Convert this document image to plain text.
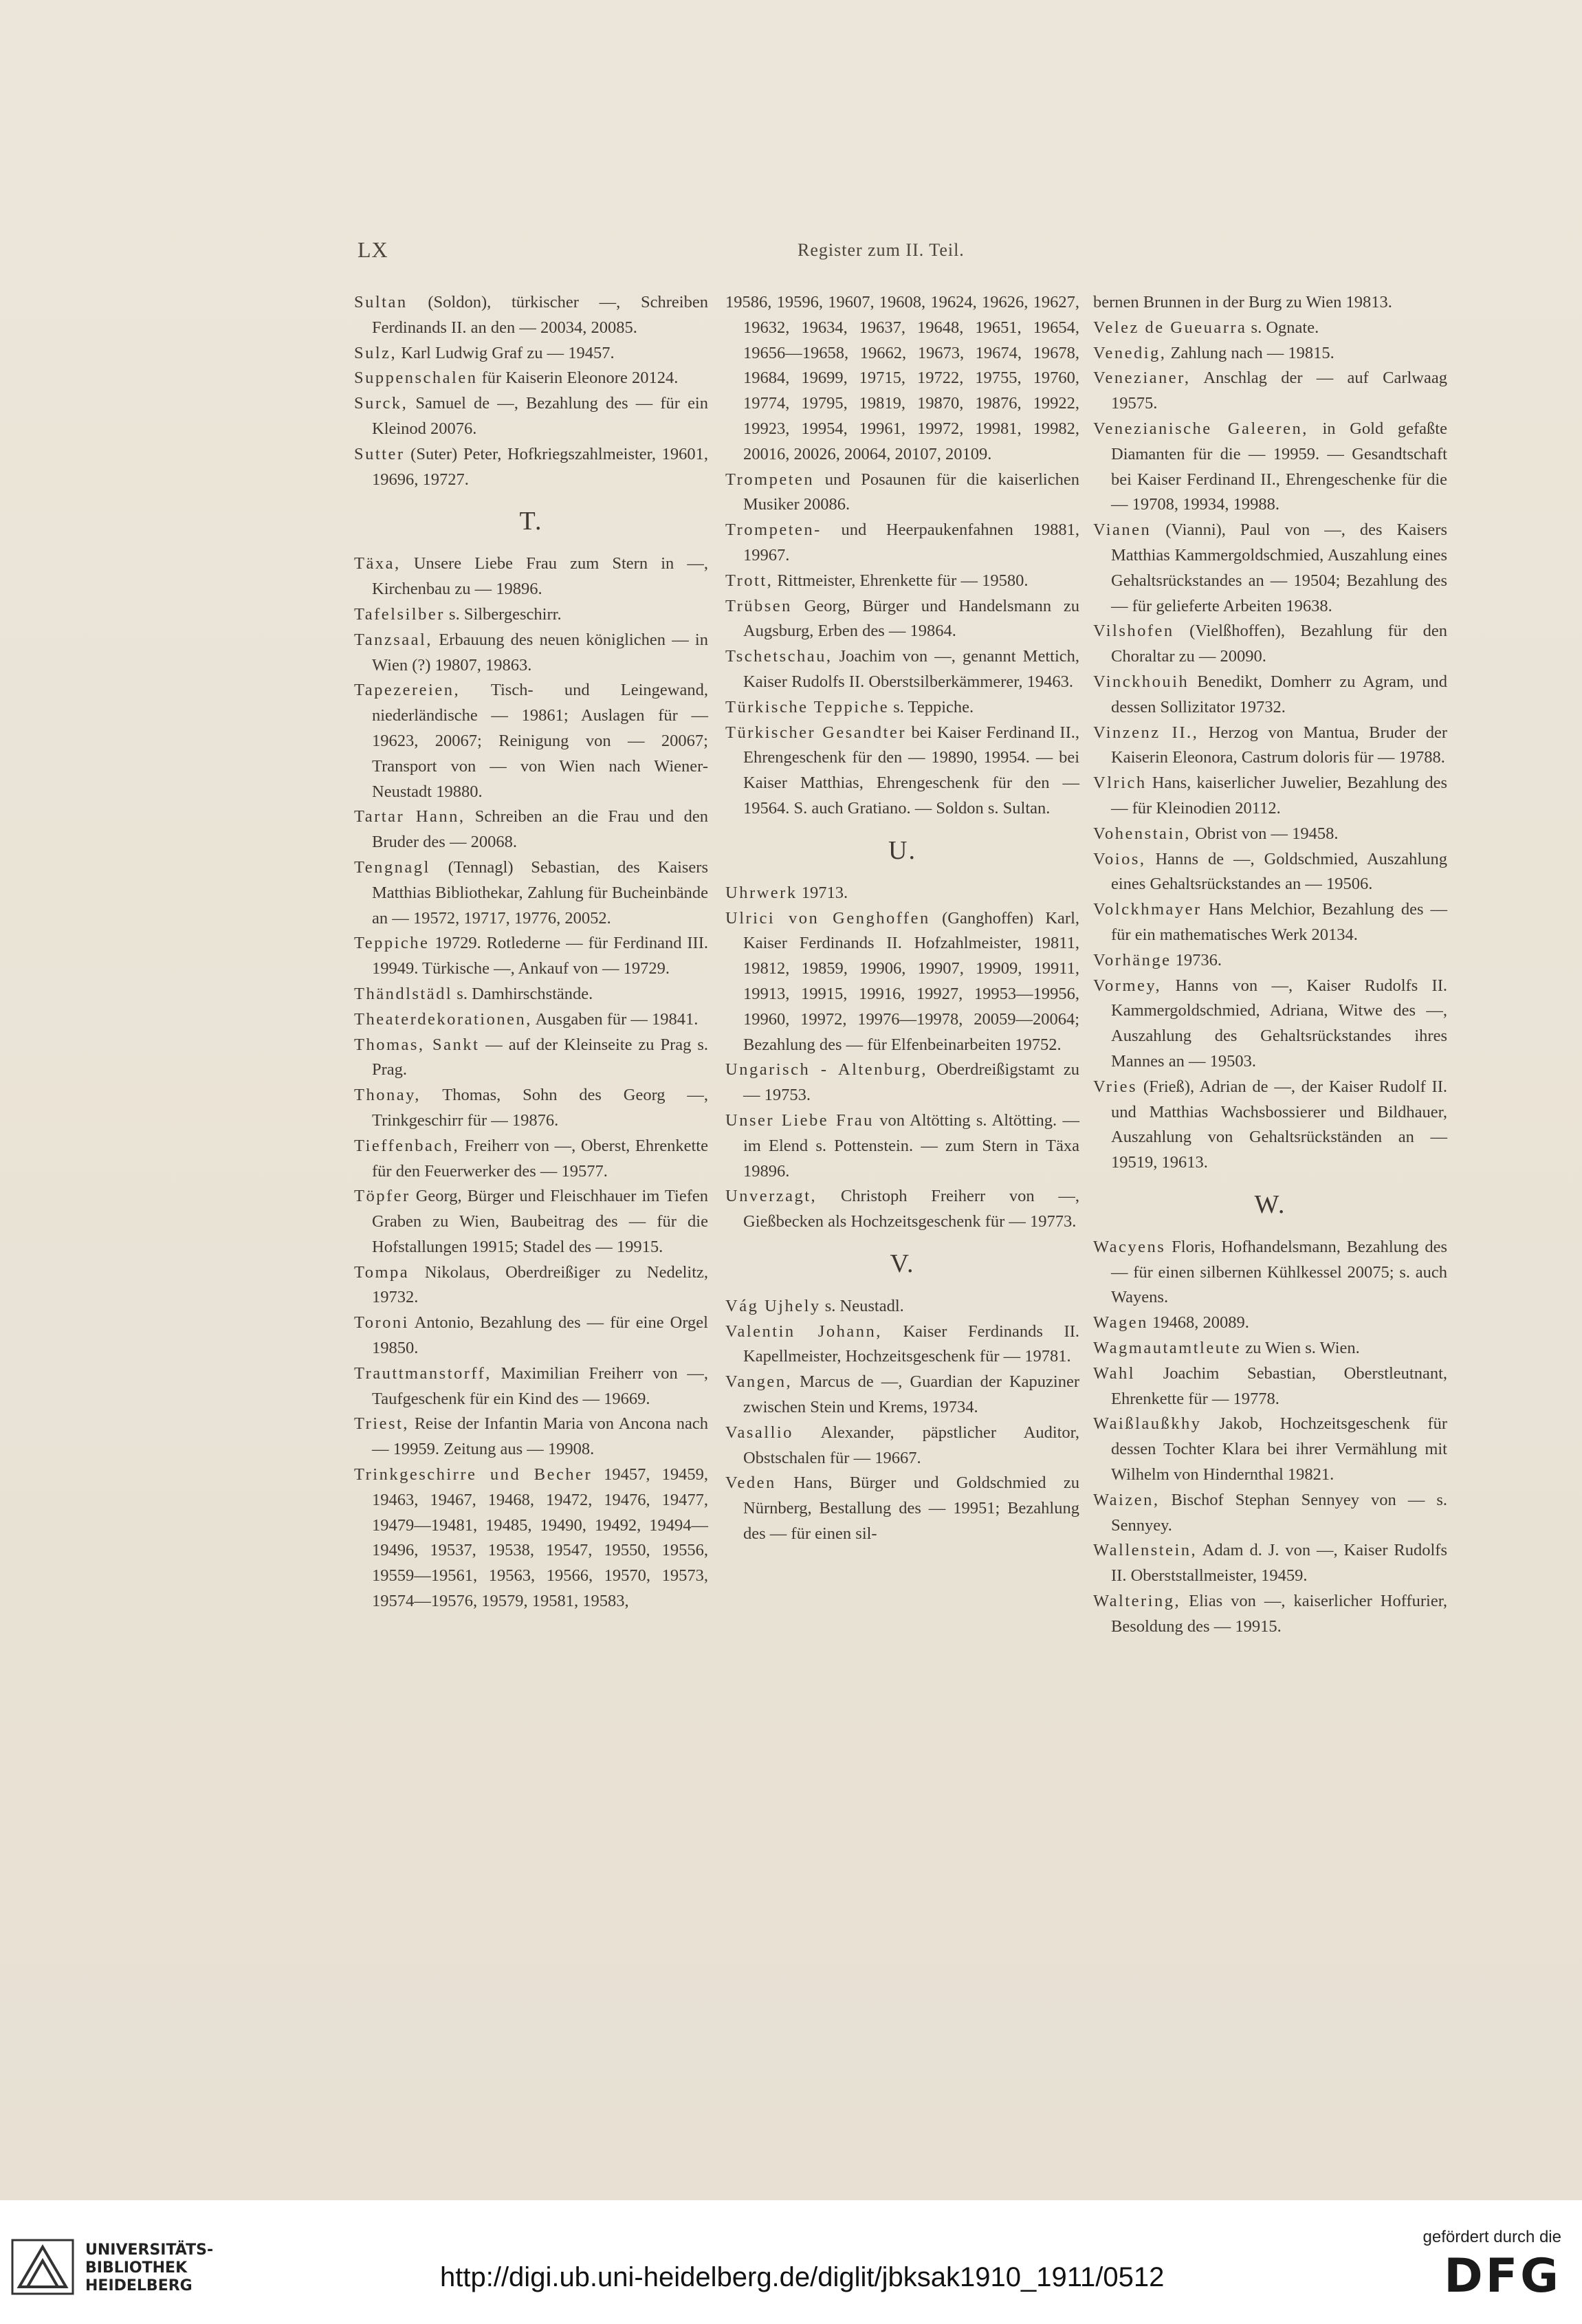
LX	Register zum II. Teil.

Sultan (Soldon), türkischer —, Schreiben Ferdinands II. an den — 20034, 20085.

Sulz, Karl Ludwig Graf zu — 19457.

Suppenschalen für Kaiserin Eleonore 20124.

Surck, Samuel de —, Bezahlung des — für ein Kleinod 20076.

Sutter (Suter) Peter, Hofkriegszahlmeister, 19601, 19696, 19727.

T.

Täxa, Unsere Liebe Frau zum Stern in —, Kirchenbau zu — 19896.

Tafelsilber s. Silbergeschirr.

Tanzsaal, Erbauung des neuen königlichen — in Wien (?) 19807, 19863.

Tapezereien, Tisch- und Leingewand, niederländische — 19861; Auslagen für — 19623, 20067; Reinigung von — 20067; Transport von — von Wien nach Wiener-Neustadt 19880.

Tartar Hann, Schreiben an die Frau und den Bruder des — 20068.

Tengnagl (Tennagl) Sebastian, des Kaisers Matthias Bibliothekar, Zahlung für Bucheinbände an — 19572, 19717, 19776, 20052.

Teppiche 19729. Rotlederne — für Ferdinand III. 19949. Türkische —, Ankauf von — 19729.

Thändlstädl s. Damhirschstände.

Theaterdekorationen, Ausgaben für — 19841.

Thomas, Sankt — auf der Kleinseite zu Prag s. Prag.

Thonay, Thomas, Sohn des Georg —, Trinkgeschirr für — 19876.

Tieffenbach, Freiherr von —, Oberst, Ehrenkette für den Feuerwerker des — 19577.

Töpfer Georg, Bürger und Fleischhauer im Tiefen Graben zu Wien, Baubeitrag des — für die Hofstallungen 19915; Stadel des — 19915.

Tompa Nikolaus, Oberdreißiger zu Nedelitz, 19732.

Toroni Antonio, Bezahlung des — für eine Orgel 19850.

Trauttmanstorff, Maximilian Freiherr von —, Taufgeschenk für ein Kind des — 19669.

Triest, Reise der Infantin Maria von Ancona nach — 19959. Zeitung aus — 19908.

Trinkgeschirre und Becher 19457, 19459, 19463, 19467, 19468, 19472, 19476, 19477, 19479—19481, 19485, 19490, 19492, 19494—19496, 19537, 19538, 19547, 19550, 19556, 19559—19561, 19563, 19566, 19570, 19573, 19574—19576, 19579, 19581, 19583,

19586, 19596, 19607, 19608, 19624, 19626, 19627, 19632, 19634, 19637, 19648, 19651, 19654, 19656—19658, 19662, 19673, 19674, 19678, 19684, 19699, 19715, 19722, 19755, 19760, 19774, 19795, 19819, 19870, 19876, 19922, 19923, 19954, 19961, 19972, 19981, 19982, 20016, 20026, 20064, 20107, 20109.

Trompeten und Posaunen für die kaiserlichen Musiker 20086.

Trompeten- und Heerpaukenfahnen 19881, 19967.

Trott, Rittmeister, Ehrenkette für — 19580.

Trübsen Georg, Bürger und Handelsmann zu Augsburg, Erben des — 19864.

Tschetschau, Joachim von —, genannt Mettich, Kaiser Rudolfs II. Oberstsilberkämmerer, 19463.

Türkische Teppiche s. Teppiche.

Türkischer Gesandter bei Kaiser Ferdinand II., Ehrengeschenk für den — 19890, 19954. — bei Kaiser Matthias, Ehrengeschenk für den — 19564. S. auch Gratiano. — Soldon s. Sultan.

U.

Uhrwerk 19713.

Ulrici von Genghoffen (Ganghoffen) Karl, Kaiser Ferdinands II. Hofzahlmeister, 19811, 19812, 19859, 19906, 19907, 19909, 19911, 19913, 19915, 19916, 19927, 19953—19956, 19960, 19972, 19976—19978, 20059—20064; Bezahlung des — für Elfenbeinarbeiten 19752.

Ungarisch - Altenburg, Oberdreißigstamt zu — 19753.

Unser Liebe Frau von Altötting s. Altötting. — im Elend s. Pottenstein. — zum Stern in Täxa 19896.

Unverzagt, Christoph Freiherr von —, Gießbecken als Hochzeitsgeschenk für — 19773.

V.

Vág Ujhely s. Neustadl.

Valentin Johann, Kaiser Ferdinands II. Kapellmeister, Hochzeitsgeschenk für — 19781.

Vangen, Marcus de —, Guardian der Kapuziner zwischen Stein und Krems, 19734.

Vasallio Alexander, päpstlicher Auditor, Obstschalen für — 19667.

Veden Hans, Bürger und Goldschmied zu Nürnberg, Bestallung des — 19951; Bezahlung des — für einen sil-

bernen Brunnen in der Burg zu Wien 19813.

Velez de Gueuarra s. Ognate.

Venedig, Zahlung nach — 19815.

Venezianer, Anschlag der — auf Carlwaag 19575.

Venezianische Galeeren, in Gold gefaßte Diamanten für die — 19959. — Gesandtschaft bei Kaiser Ferdinand II., Ehrengeschenke für die — 19708, 19934, 19988.

Vianen (Vianni), Paul von —, des Kaisers Matthias Kammergoldschmied, Auszahlung eines Gehaltsrückstandes an — 19504; Bezahlung des — für gelieferte Arbeiten 19638.

Vilshofen (Vielßhoffen), Bezahlung für den Choraltar zu — 20090.

Vinckhouih Benedikt, Domherr zu Agram, und dessen Sollizitator 19732.

Vinzenz II., Herzog von Mantua, Bruder der Kaiserin Eleonora, Castrum doloris für — 19788.

Vlrich Hans, kaiserlicher Juwelier, Bezahlung des — für Kleinodien 20112.

Vohenstain, Obrist von — 19458.

Voios, Hanns de —, Goldschmied, Auszahlung eines Gehaltsrückstandes an — 19506.

Volckhmayer Hans Melchior, Bezahlung des — für ein mathematisches Werk 20134.

Vorhänge 19736.

Vormey, Hanns von —, Kaiser Rudolfs II. Kammergoldschmied, Adriana, Witwe des —, Auszahlung des Gehaltsrückstandes ihres Mannes an — 19503.

Vries (Frieß), Adrian de —, der Kaiser Rudolf II. und Matthias Wachsbossierer und Bildhauer, Auszahlung von Gehaltsrückständen an — 19519, 19613.

W.

Wacyens Floris, Hofhandelsmann, Bezahlung des — für einen silbernen Kühlkessel 20075; s. auch Wayens.

Wagen 19468, 20089.

Wagmautamtleute zu Wien s. Wien.

Wahl Joachim Sebastian, Oberstleutnant, Ehrenkette für — 19778.

Waißlaußkhy Jakob, Hochzeitsgeschenk für dessen Tochter Klara bei ihrer Vermählung mit Wilhelm von Hindernthal 19821.

Waizen, Bischof Stephan Sennyey von — s. Sennyey.

Wallenstein, Adam d. J. von —, Kaiser Rudolfs II. Oberststallmeister, 19459.

Waltering, Elias von —, kaiserlicher Hoffurier, Besoldung des — 19915.

UNIVERSITÄTS-
BIBLIOTHEK
HEIDELBERG	http://digi.ub.uni-heidelberg.de/diglit/jbksak1910_1911/0512
gefördert durch die
DFG
